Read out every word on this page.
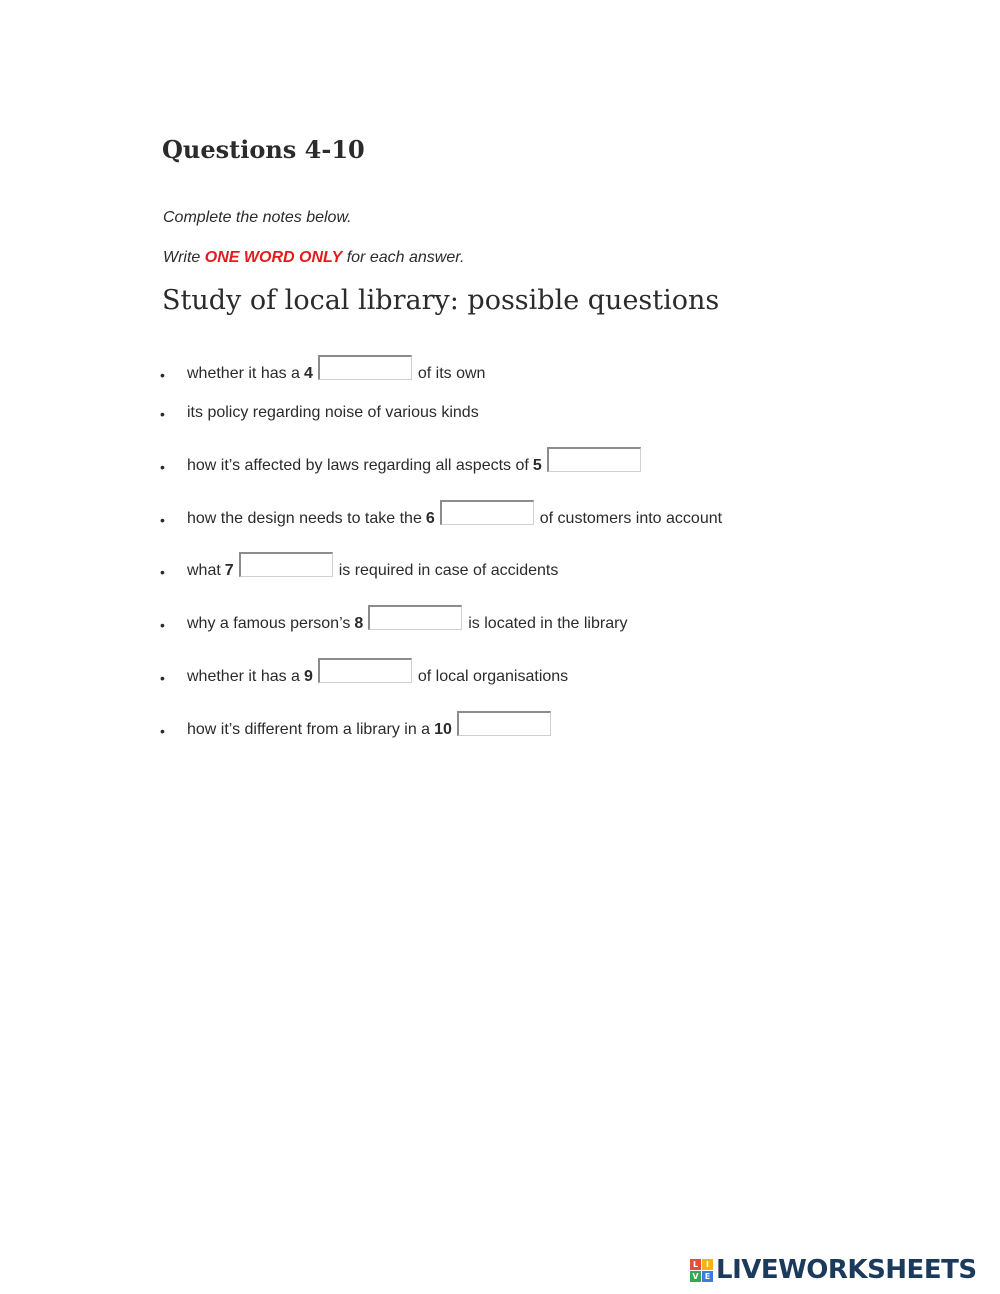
Questions 4-10

Complete the notes below.

Write ONE WORD ONLY for each answer.

Study of local library: possible questions
• whether it has a 4	of its own
• its policy regarding noise of various kinds
• how it’s affected by laws regarding all aspects of 5
• how the design needs to take the 6	of customers into account
• what 7	is required in case of accidents
• why a famous person’s 8	is located in the library
• whether it has a 9	of local organisations
• how it’s different from a library in a 10
L I
V E LIVEWORKSHEETS
